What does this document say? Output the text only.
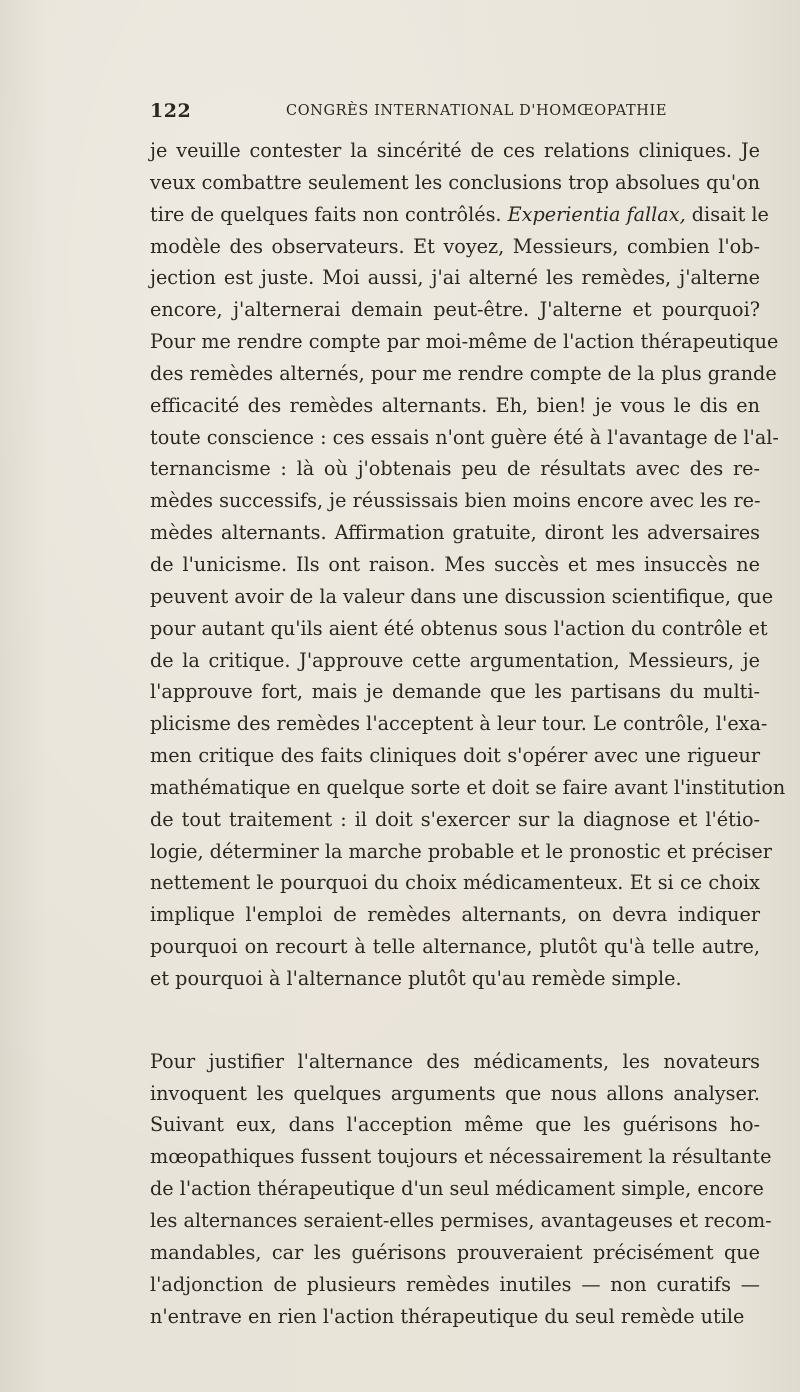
122	CONGRÈS INTERNATIONAL D'HOMŒOPATHIE
je veuille contester la sincérité de ces relations cliniques. Je
veux combattre seulement les conclusions trop absolues qu'on
tire de quelques faits non contrôlés. Experientia fallax, disait le
modèle des observateurs. Et voyez, Messieurs, combien l'ob-
jection est juste. Moi aussi, j'ai alterné les remèdes, j'alterne
encore, j'alternerai demain peut-être. J'alterne et pourquoi?
Pour me rendre compte par moi-même de l'action thérapeutique
des remèdes alternés, pour me rendre compte de la plus grande
efficacité des remèdes alternants. Eh, bien! je vous le dis en
toute conscience : ces essais n'ont guère été à l'avantage de l'al-
ternancisme : là où j'obtenais peu de résultats avec des re-
mèdes successifs, je réussissais bien moins encore avec les re-
mèdes alternants. Affirmation gratuite, diront les adversaires
de l'unicisme. Ils ont raison. Mes succès et mes insuccès ne
peuvent avoir de la valeur dans une discussion scientifique, que
pour autant qu'ils aient été obtenus sous l'action du contrôle et
de la critique. J'approuve cette argumentation, Messieurs, je
l'approuve fort, mais je demande que les partisans du multi-
plicisme des remèdes l'acceptent à leur tour. Le contrôle, l'exa-
men critique des faits cliniques doit s'opérer avec une rigueur
mathématique en quelque sorte et doit se faire avant l'institution
de tout traitement : il doit s'exercer sur la diagnose et l'étio-
logie, déterminer la marche probable et le pronostic et préciser
nettement le pourquoi du choix médicamenteux. Et si ce choix
implique l'emploi de remèdes alternants, on devra indiquer
pourquoi on recourt à telle alternance, plutôt qu'à telle autre,
et pourquoi à l'alternance plutôt qu'au remède simple.
Pour justifier l'alternance des médicaments, les novateurs
invoquent les quelques arguments que nous allons analyser.
Suivant eux, dans l'acception même que les guérisons ho-
mœopathiques fussent toujours et nécessairement la résultante
de l'action thérapeutique d'un seul médicament simple, encore
les alternances seraient-elles permises, avantageuses et recom-
mandables, car les guérisons prouveraient précisément que
l'adjonction de plusieurs remèdes inutiles — non curatifs —
n'entrave en rien l'action thérapeutique du seul remède utile
